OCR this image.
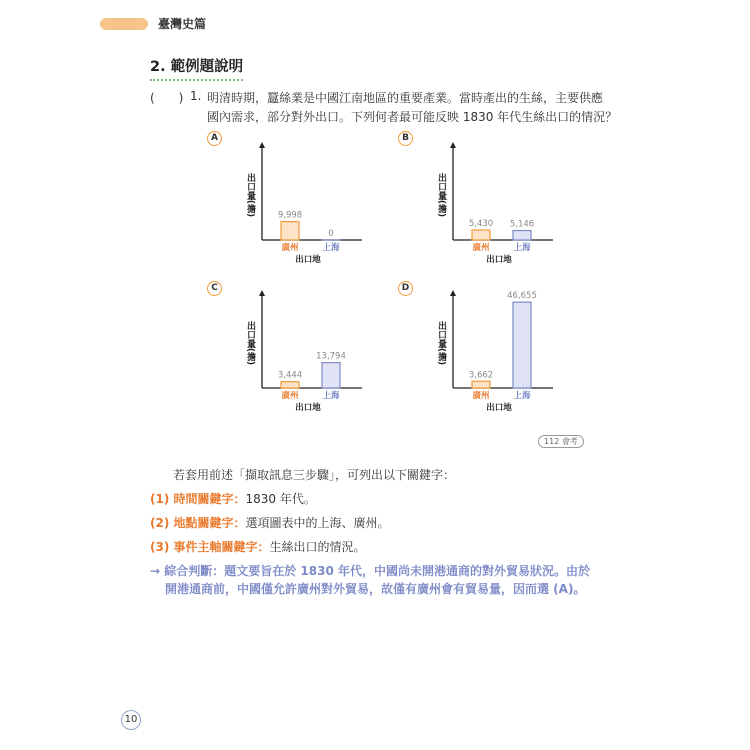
臺灣史篇
2. 範例題說明
(　　) 1. 明清時期，蠶絲業是中國江南地區的重要產業。當時產出的生絲，主要供應
國內需求，部分對外出口。下列何者最可能反映 1830 年代生絲出口的情況？
A	B
C	D
出口量(擔)	9,998
廣州
0
上海
出口地
出口量(擔)
5,430
廣州
5,146
上海
出口地
出口量(擔)
3,444
廣州
13,794
上海
出口地
出口量(擔)
3,662
廣州
46,655
上海
出口地
112 會考
若套用前述「擷取訊息三步驟」，可列出以下關鍵字：
(1) 時間關鍵字：1830 年代。
(2) 地點關鍵字：選項圖表中的上海、廣州。
(3) 事件主軸關鍵字：生絲出口的情況。
→ 綜合判斷：題文要旨在於 1830 年代，中國尚未開港通商的對外貿易狀況。由於
開港通商前，中國僅允許廣州對外貿易，故僅有廣州會有貿易量，因而選 (A)。
10
